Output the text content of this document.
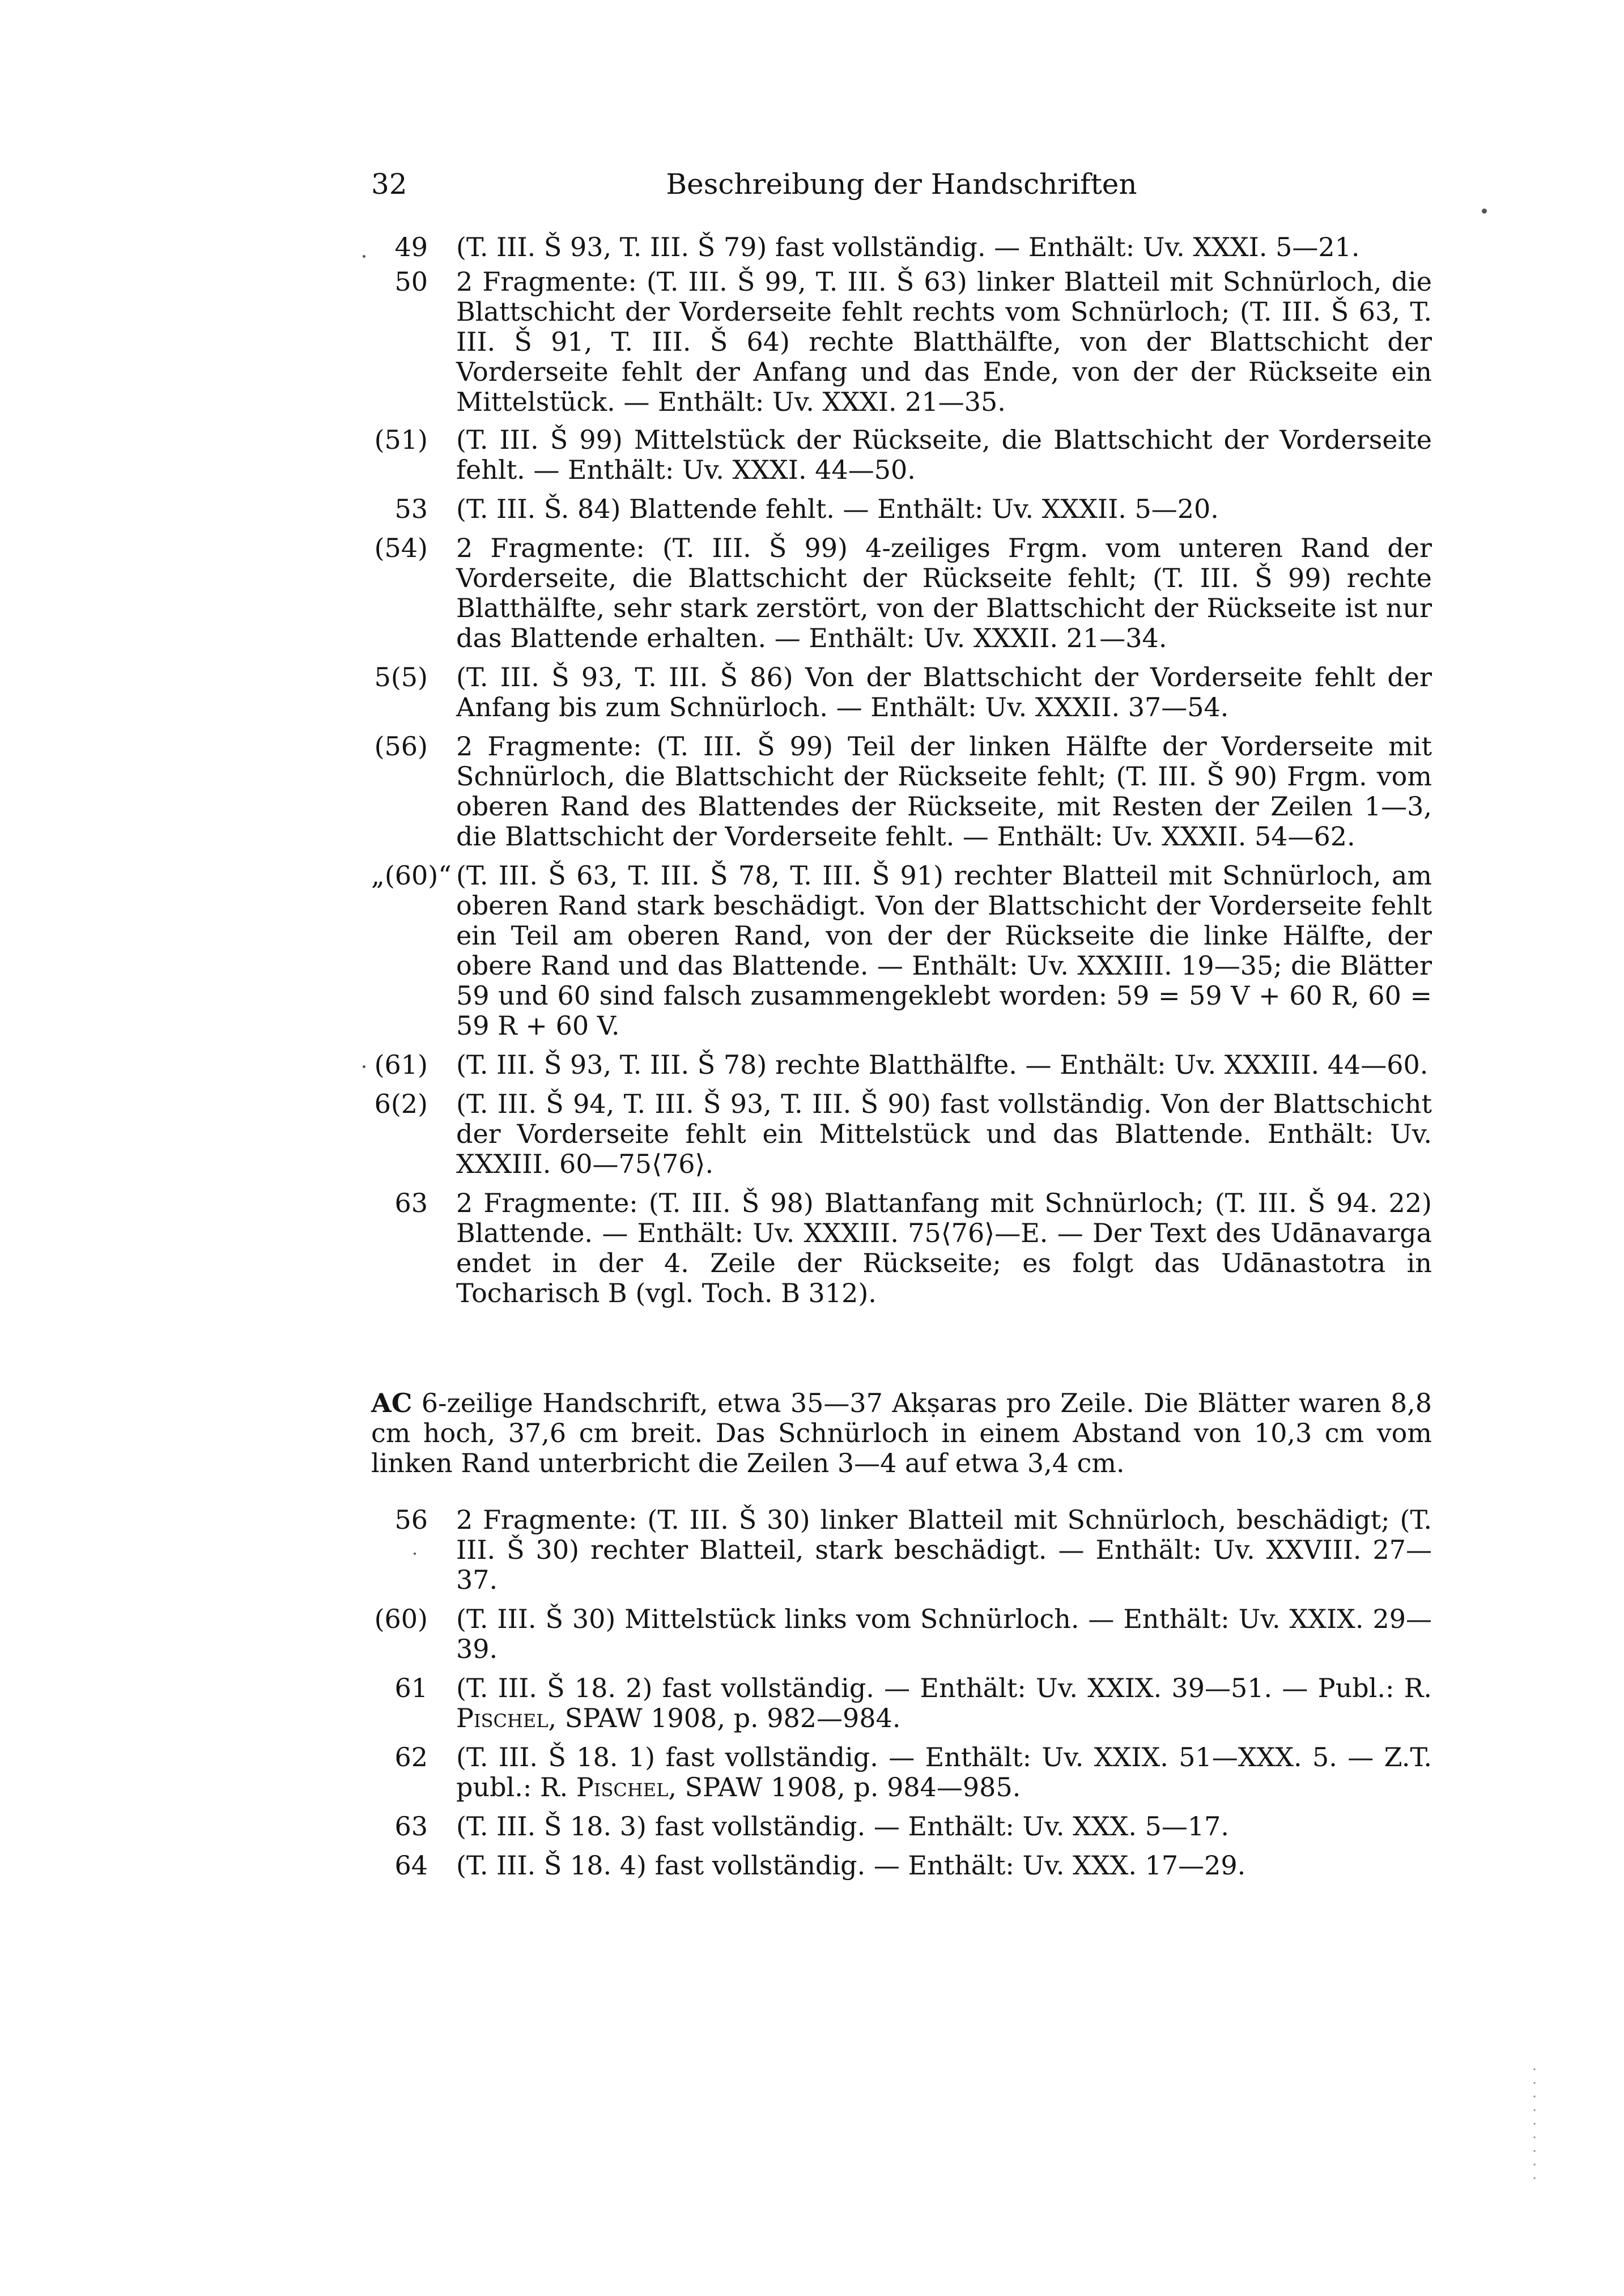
32	Beschreibung der Handschriften
49	(T. III. Š 93, T. III. Š 79) fast vollständig. — Enthält: Uv. XXXI. 5—21.
50	2 Fragmente: (T. III. Š 99, T. III. Š 63) linker Blatteil mit Schnürloch, die Blattschicht der Vorderseite fehlt rechts vom Schnürloch; (T. III. Š 63, T. III. Š 91, T. III. Š 64) rechte Blatthälfte, von der Blattschicht der Vorderseite fehlt der Anfang und das Ende, von der der Rückseite ein Mittelstück. — Enthält: Uv. XXXI. 21—35.
(51)	(T. III. Š 99) Mittelstück der Rückseite, die Blattschicht der Vorderseite fehlt. — Enthält: Uv. XXXI. 44—50.
53	(T. III. Š. 84) Blattende fehlt. — Enthält: Uv. XXXII. 5—20.
(54)	2 Fragmente: (T. III. Š 99) 4-zeiliges Frgm. vom unteren Rand der Vorderseite, die Blattschicht der Rückseite fehlt; (T. III. Š 99) rechte Blatthälfte, sehr stark zerstört, von der Blattschicht der Rückseite ist nur das Blattende erhalten. — Enthält: Uv. XXXII. 21—34.
5(5)	(T. III. Š 93, T. III. Š 86) Von der Blattschicht der Vorderseite fehlt der Anfang bis zum Schnürloch. — Enthält: Uv. XXXII. 37—54.
(56)	2 Fragmente: (T. III. Š 99) Teil der linken Hälfte der Vorderseite mit Schnürloch, die Blattschicht der Rückseite fehlt; (T. III. Š 90) Frgm. vom oberen Rand des Blattendes der Rückseite, mit Resten der Zeilen 1—3, die Blattschicht der Vorderseite fehlt. — Enthält: Uv. XXXII. 54—62.
„(60)“ (T. III. Š 63, T. III. Š 78, T. III. Š 91) rechter Blatteil mit Schnürloch, am oberen Rand stark beschädigt. Von der Blattschicht der Vorderseite fehlt ein Teil am oberen Rand, von der der Rückseite die linke Hälfte, der obere Rand und das Blattende. — Enthält: Uv. XXXIII. 19—35; die Blätter 59 und 60 sind falsch zusammengeklebt worden: 59 = 59 V + 60 R, 60 = 59 R + 60 V.
(61)	(T. III. Š 93, T. III. Š 78) rechte Blatthälfte. — Enthält: Uv. XXXIII. 44—60.
6(2)	(T. III. Š 94, T. III. Š 93, T. III. Š 90) fast vollständig. Von der Blattschicht der Vorderseite fehlt ein Mittelstück und das Blattende. Enthält: Uv. XXXIII. 60—75⟨76⟩.
63	2 Fragmente: (T. III. Š 98) Blattanfang mit Schnürloch; (T. III. Š 94. 22) Blattende. — Enthält: Uv. XXXIII. 75⟨76⟩—E. — Der Text des Udānavarga endet in der 4. Zeile der Rückseite; es folgt das Udānastotra in Tocharisch B (vgl. Toch. B 312).
AC 6-zeilige Handschrift, etwa 35—37 Akṣaras pro Zeile. Die Blätter waren 8,8 cm hoch, 37,6 cm breit. Das Schnürloch in einem Abstand von 10,3 cm vom linken Rand unterbricht die Zeilen 3—4 auf etwa 3,4 cm.
56	2 Fragmente: (T. III. Š 30) linker Blatteil mit Schnürloch, beschädigt; (T. III. Š 30) rechter Blatteil, stark beschädigt. — Enthält: Uv. XXVIII. 27—37.
(60)	(T. III. Š 30) Mittelstück links vom Schnürloch. — Enthält: Uv. XXIX. 29—39.
61	(T. III. Š 18. 2) fast vollständig. — Enthält: Uv. XXIX. 39—51. — Publ.: R. Pischel, SPAW 1908, p. 982—984.
62	(T. III. Š 18. 1) fast vollständig. — Enthält: Uv. XXIX. 51—XXX. 5. — Z.T. publ.: R. Pischel, SPAW 1908, p. 984—985.
63	(T. III. Š 18. 3) fast vollständig. — Enthält: Uv. XXX. 5—17.
64	(T. III. Š 18. 4) fast vollständig. — Enthält: Uv. XXX. 17—29.
